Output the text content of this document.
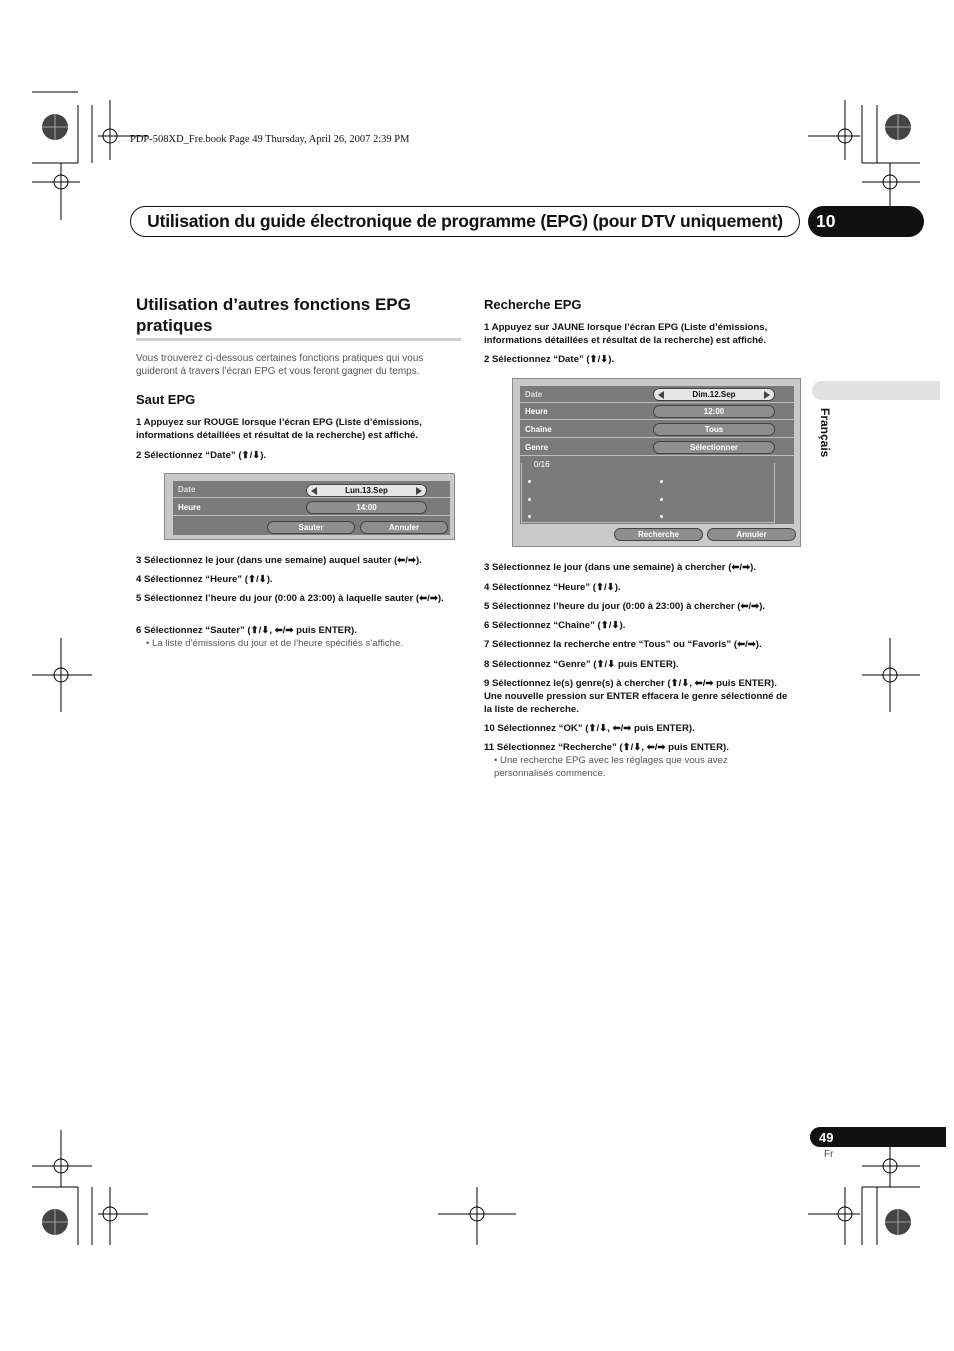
PDP-508XD_Fre.book Page 49 Thursday, April 26, 2007 2:39 PM
Utilisation du guide électronique de programme (EPG) (pour DTV uniquement)	10
Français
Utilisation d’autres fonctions EPG pratiques
Vous trouverez ci-dessous certaines fonctions pratiques qui vous guideront à travers l’écran EPG et vous feront gagner du temps.
Saut EPG
1 Appuyez sur ROUGE lorsque l’écran EPG (Liste d’émissions, informations détaillées et résultat de la recherche) est affiché.
2 Sélectionnez “Date” (⬆/⬇).
Date	Lun.13.Sep
Heure	14:00
Sauter	Annuler
3 Sélectionnez le jour (dans une semaine) auquel sauter (⬅/➡).
4 Sélectionnez “Heure” (⬆/⬇).
5 Sélectionnez l’heure du jour (0:00 à 23:00) à laquelle sauter (⬅/➡).
6 Sélectionnez “Sauter” (⬆/⬇, ⬅/➡ puis ENTER).
• La liste d’émissions du jour et de l’heure spécifiés s’affiche.
Recherche EPG
1 Appuyez sur JAUNE lorsque l’écran EPG (Liste d’émissions, informations détaillées et résultat de la recherche) est affiché.
2 Sélectionnez “Date” (⬆/⬇).
Date	Dim.12.Sep
Heure	12:00
Chaîne	Tous
Genre	Sélectionner
0/16
Recherche	Annuler
3 Sélectionnez le jour (dans une semaine) à chercher (⬅/➡).
4 Sélectionnez “Heure” (⬆/⬇).
5 Sélectionnez l’heure du jour (0:00 à 23:00) à chercher (⬅/➡).
6 Sélectionnez “Chaîne” (⬆/⬇).
7 Sélectionnez la recherche entre “Tous” ou “Favoris” (⬅/➡).
8 Sélectionnez “Genre” (⬆/⬇ puis ENTER).
9 Sélectionnez le(s) genre(s) à chercher (⬆/⬇, ⬅/➡ puis ENTER). Une nouvelle pression sur ENTER effacera le genre sélectionné de la liste de recherche.
10 Sélectionnez “OK” (⬆/⬇, ⬅/➡ puis ENTER).
11 Sélectionnez “Recherche” (⬆/⬇, ⬅/➡ puis ENTER).
• Une recherche EPG avec les réglages que vous avez personnalisés commence.
49
Fr
